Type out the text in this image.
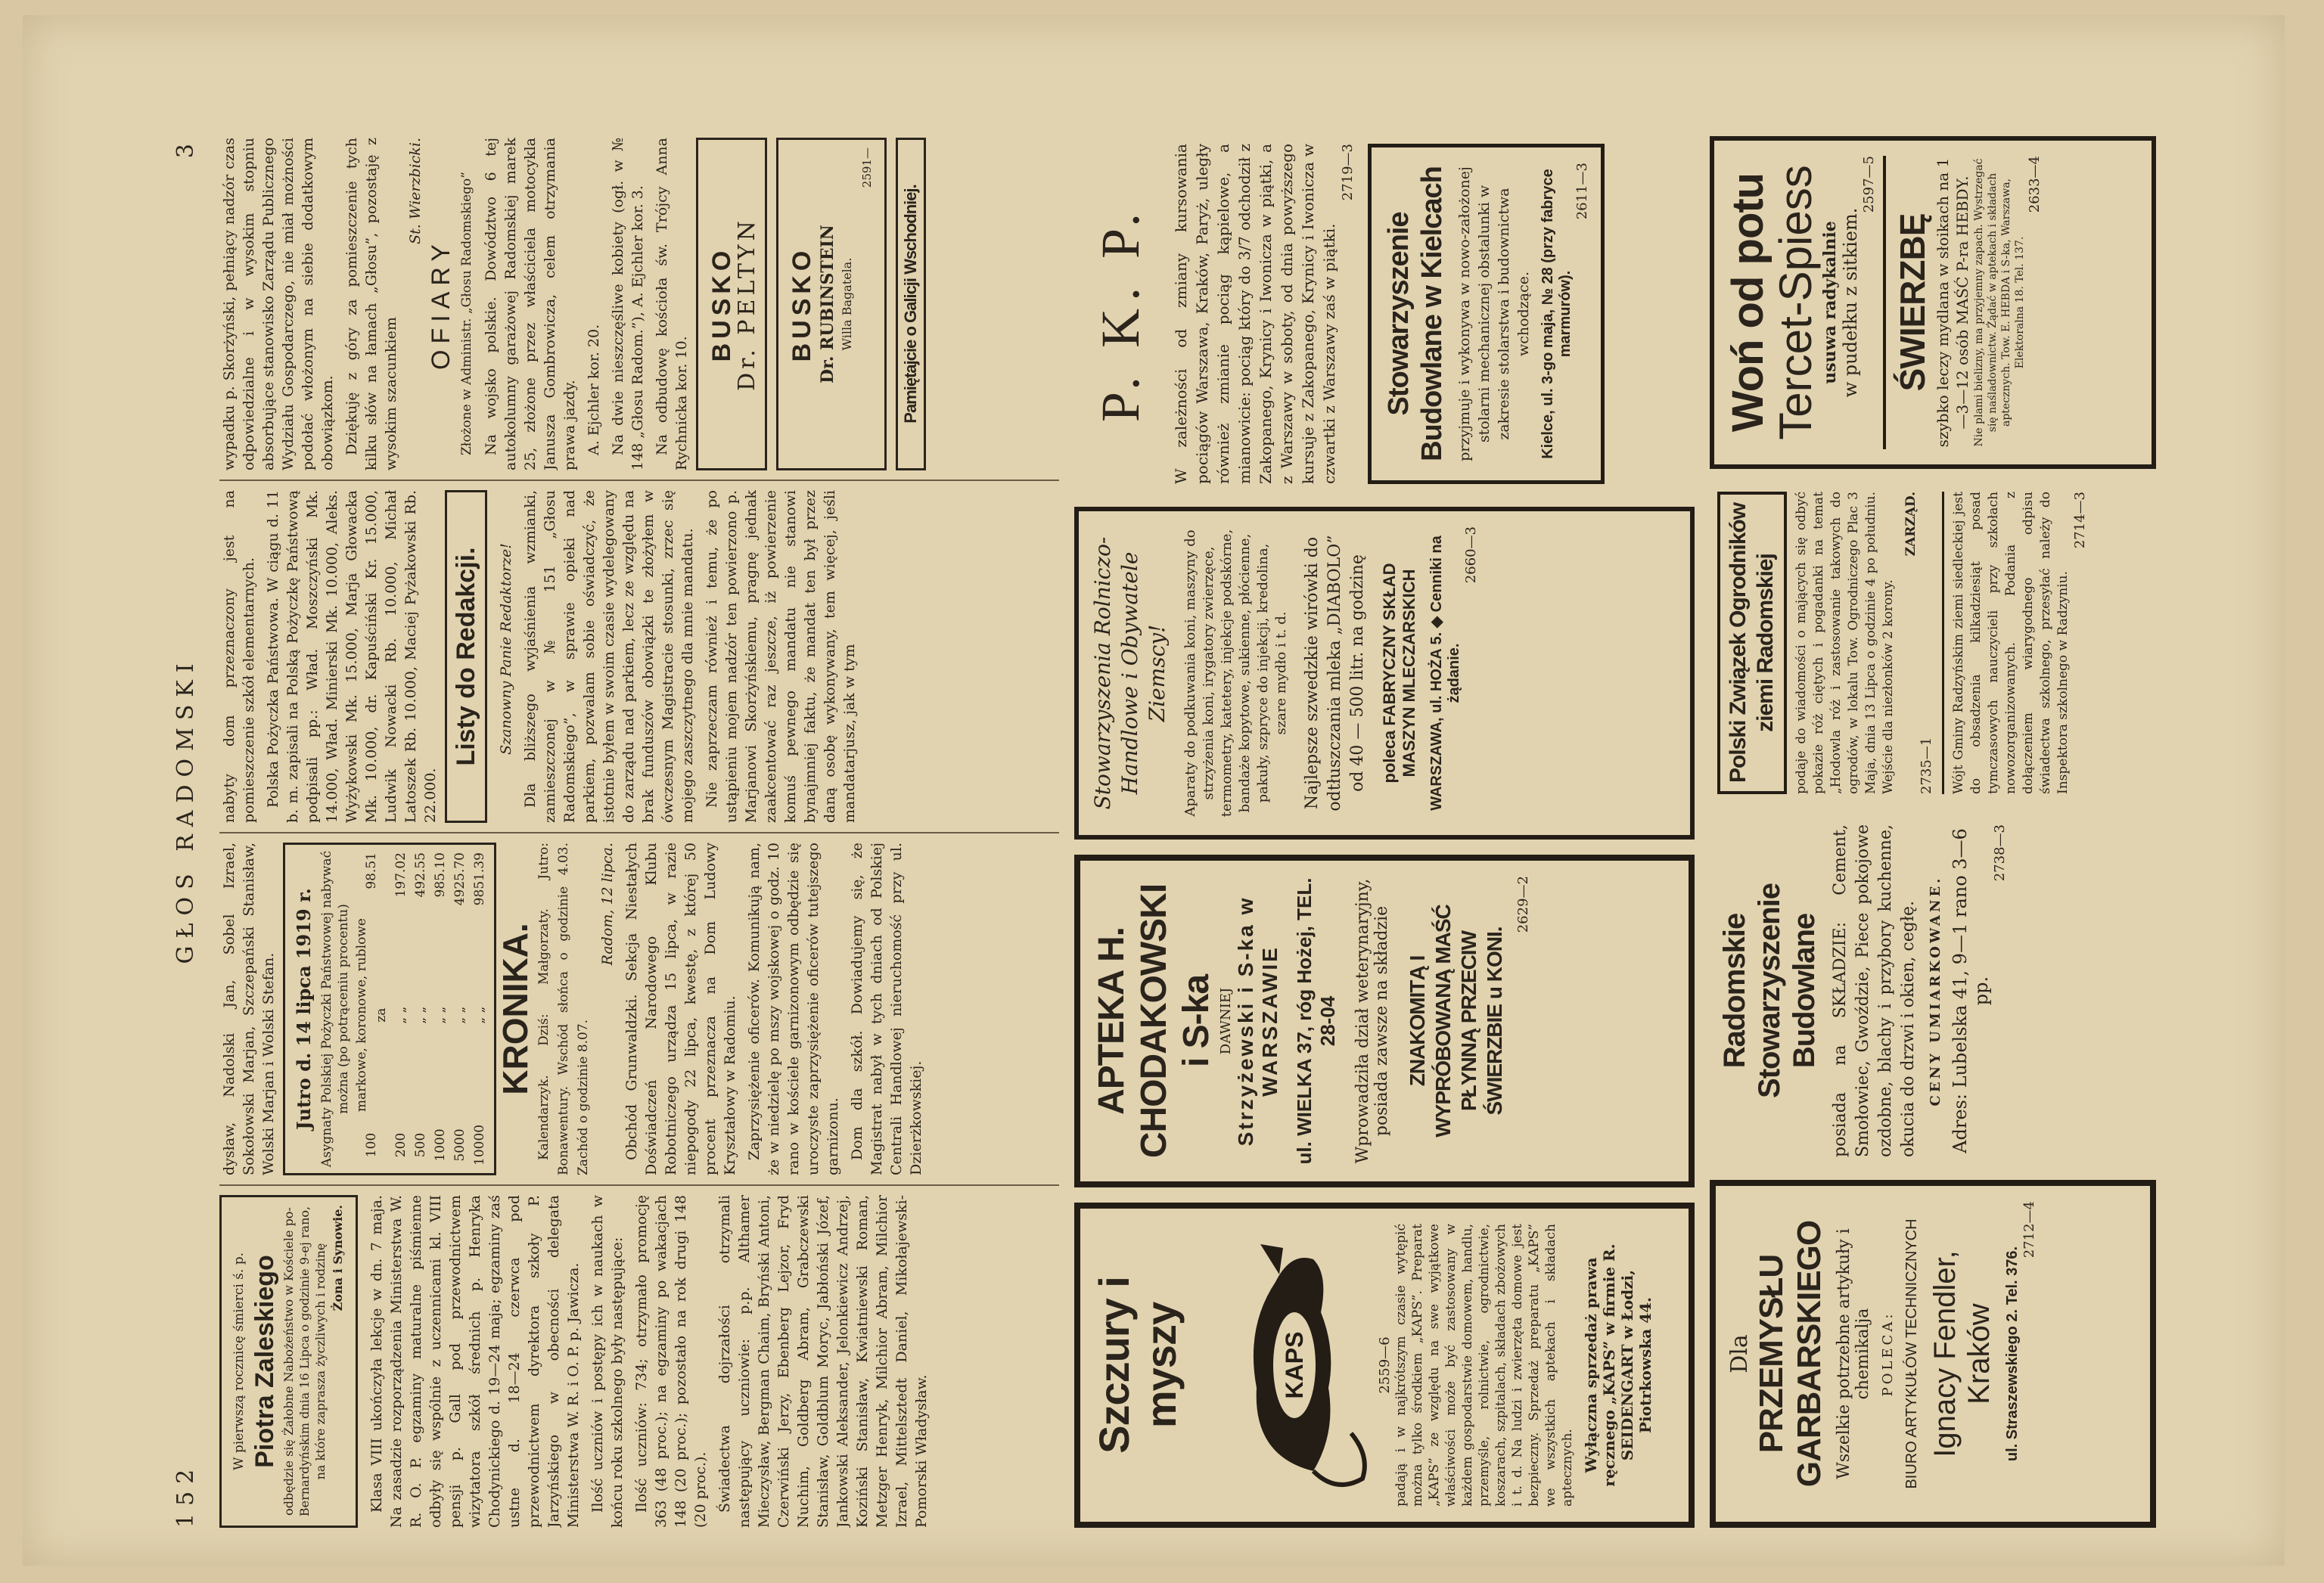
152
GŁOS RADOMSKI
3
W pierwszą rocznicę śmierci ś. p. Piotra Zaleskiego odbędzie się Żałobne Nabożeństwo w Kościele po-Bernardyńskim dnia 16 Lipca o godzinie 9-ej rano, na które zaprasza życzliwych i rodzinę Żona i Synowie. Klasa VIII ukończyła lekcje w dn. 7 maja. Na zasadzie rozporządzenia Ministerstwa W. R. O. P. egzaminy maturalne piśmienne odbyły się wspólnie z uczennicami kl. VIII pensji p. Gall pod przewodnictwem wizytatora szkół średnich p. Henryka Chodynickiego d. 19—24 maja; egzaminy zaś ustne d. 18—24 czerwca pod przewodnictwem dyrektora szkoły P. Jarzyńskiego w obecności delegata Ministerstwa W. R. i O. P. p. Jawicza. Ilość uczniów i postępy ich w naukach w końcu roku szkolnego były następujące: Ilość uczniów: 734; otrzymało promocję 363 (48 proc.); na egzaminy po wakacjach 148 (20 proc.); pozostało na rok drugi 148 (20 proc.). Świadectwa dojrzałości otrzymali następujący uczniowie: p.p. Althamer Mieczysław, Bergman Chaim, Bryński Antoni, Czerwiński Jerzy, Ebenberg Lejzor, Fryd Nuchim, Goldberg Abram, Grabczewski Stanisław, Goldblum Moryc, Jabłoński Józef, Jankowski Aleksander, Jelonkiewicz Andrzej, Koziński Stanisław, Kwiatniewski Roman, Metzger Henryk, Milchior Abram, Milchior Izrael, Mittelsztedt Daniel, Mikołajewski-Pomorski Władysław.

dysław, Nadolski Jan, Sobel Izrael, Sokołowski Marjan, Szczepański Stanisław, Wolski Marjan i Wolski Stefan. Jutro d. 14 lipca 1919 r. Asygnaty Polskiej Pożyczki Państwowej nabywać można (po potrąceniu procentu)
100	markowe, koronowe, rublowe za	98.51
200	„ „	197.02
500	„ „	492.55
1000	„ „	985.10
5000	„ „	4925.70
10000	„ „	9851.39
KRONIKA. Kalendarzyk. Dziś: Małgorzaty. Jutro: Bonawentury. Wschód słońca o godzinie 4.03. Zachód o godzinie 8.07.

Radom, 12 lipca. Obchód Grunwaldzki. Sekcja Niestałych Doświadczeń Narodowego Klubu Robotniczego urządza 15 lipca, w razie niepogody 22 lipca, kwestę, z której 50 procent przeznacza na Dom Ludowy Kryształowy w Radomiu. Zaprzysiężenie oficerów. Komunikują nam, że w niedzielę po mszy wojskowej o godz. 10 rano w kościele garnizonowym odbędzie się uroczyste zaprzysiężenie oficerów tutejszego garnizonu. Dom dla szkół. Dowiadujemy się, że Magistrat nabył w tych dniach od Polskiej Centrali Handlowej nieruchomość przy ul. Dzierżkowskiej.

nabyty dom przeznaczony jest na pomieszczenie szkół elementarnych. Polska Pożyczka Państwowa. W ciągu d. 11 b. m. zapisali na Polską Pożyczkę Państwową podpisali pp.: Wład. Moszczyński Mk. 14.000, Wład. Minierski Mk. 10.000, Aleks. Wyżykowski Mk. 15.000, Marja Głowacka Mk. 10.000, dr. Kapuściński Kr. 15.000, Ludwik Nowacki Rb. 10.000, Michał Latoszek Rb. 10.000, Maciej Pyżakowski Rb. 22.000.

Listy do Redakcji. Szanowny Panie Redaktorze! Dla bliższego wyjaśnienia wzmianki, zamieszczonej w № 151 „Głosu Radomskiego”, w sprawie opieki nad parkiem, pozwalam sobie oświadczyć, że istotnie byłem w swoim czasie wydelegowany do zarządu nad parkiem, lecz ze względu na brak funduszów obowiązki te złożyłem w ówczesnym Magistracie stosunki, zrzec się mojego zaszczytnego dla mnie mandatu. Nie zaprzeczam również i temu, że po ustąpieniu mojem nadzór ten powierzono p. Marjanowi Skorżyńskiemu, pragnę jednak zaakcentować raz jeszcze, iż powierzenie komuś pewnego mandatu nie stanowi bynajmniej faktu, że mandat ten był przez daną osobę wykonywany, tem więcej, jeśli mandatarjusz, jak w tym

wypadku p. Skorżyński, pełniący nadzór czas odpowiedzialne i w wysokim stopniu absorbujące stanowisko Zarządu Publicznego Wydziału Gospodarczego, nie miał możności podołać włożonym na siebie dodatkowym obowiązkom. Dziękuję z góry za pomieszczenie tych kilku słów na łamach „Głosu”, pozostaję z wysokim szacunkiem

St. Wierzbicki.

OFIARY Złożone w Administr. „Głosu Radomskiego” Na wojsko polskie. Dowództwo 6 tej autokolumny garażowej Radomskiej marek 25, złożone przez właściciela motocykla Janusza Gombrowicza, celem otrzymania prawa jazdy. A. Ejchler kor. 20. Na dwie nieszczęśliwe kobiety (ogł. w № 148 „Głosu Radom.”), A. Ejchler kor. 3. Na odbudowę kościoła św. Trójcy Anna Rychnicka kor. 10.

BUSKO
Dr. PELTYN BUSKO Dr. RUBINSTEIN Willa Bagatela.
2591—
Pamiętajcie o Galicji Wschodniej.
Szczury i myszy	KAPS	2559—6 padają i w najkrótszym czasie wytępić można tylko środkiem „KAPS”. Preparat „KAPS” ze względu na swe wyjątkowe właściwości może być zastosowany w każdem gospodarstwie domowem, handlu, przemyśle, rolnictwie, ogrodnictwie, koszarach, szpitalach, składach zbożowych i t. d. Na ludzi i zwierzęta domowe jest bezpieczny. Sprzedaż preparatu „KAPS” we wszystkich aptekach i składach aptecznych. Wyłączna sprzedaż prawa ręcznego „KAPS” w firmie R. SEIDENGART w Łodzi, Piotrkowska 44.
APTEKA H. CHODAKOWSKI i S-ka DAWNIEJ Strzyżewski i S-ka w WARSZAWIE ul. WIELKA 37, róg Hożej, TEL. 28-04 Wprowadziła dział weterynaryjny, posiada zawsze na składzie ZNAKOMITĄ I WYPRÓBOWANĄ MAŚĆ PŁYNNĄ PRZECIW ŚWIERZBIE u KONI.
2629—2
Stowarzyszenia Rolniczo-Handlowe i Obywatele Ziemscy! Aparaty do podkuwania koni, maszyny do strzyżenia koni, irygatory zwierzęce, termometry, katetery, injekcje podskórne, bandaże kopytowe, sukienne, płócienne, pakuły, szpryce do injekcji, kredolina, szare mydło i t. d. Najlepsze szwedzkie wirówki do odtłuszczania mleka „DIABOLO” od 40 — 500 litr. na godzinę poleca FABRYCZNY SKŁAD MASZYN MLECZARSKICH WARSZAWA, ul. HOŻA 5. ◆ Cenniki na żądanie.
2660—3
P. K. P. W zależności od zmiany kursowania pociągów Warszawa, Kraków, Paryż, uległy również zmianie pociąg kąpielowe, a mianowicie: pociąg który do 3/7 odchodził z Zakopanego, Krynicy i Iwonicza w piątki, a z Warszawy w soboty, od dnia powyższego kursuje z Zakopanego, Krynicy i Iwonicza w czwartki z Warszawy zaś w piątki.
2719—3
Stowarzyszenie Budowlane w Kielcach przyjmuje i wykonywa w nowo-założonej stolarni mechanicznej obstalunki w zakresie stolarstwa i budownictwa wchodzące. Kielce, ul. 3-go maja, № 28 (przy fabryce marmurów).
2611—3
Dla PRZEMYSŁU GARBARSKIEGO Wszelkie potrzebne artykuły i chemikalja POLECA: BIURO ARTYKUŁÓW TECHNICZNYCH Ignacy Fendler, Kraków ul. Straszewskiego 2. Tel. 376.
2712—4
Radomskie Stowarzyszenie Budowlane posiada na SKŁADZIE: Cement, Smołowiec, Gwoździe, Piece pokojowe ozdobne, blachy i przybory kuchenne, okucia do drzwi i okien, cegłę. CENY UMIARKOWANE. Adres: Lubelska 41, 9—1 rano 3—6 pp.
2738—3
Polski Związek Ogrodników ziemi Radomskiej	podaje do wiadomości o mających się odbyć pokazie róż ciętych i pogadanki na temat „Hodowla róż i zastosowanie takowych do ogrodów, w lokalu Tow. Ogrodniczego Plac 3 Maja, dnia 13 Lipca o godzinie 4 po południu. Wejście dla niezłonków 2 korony.
ZARZĄD.
2735—1	Wójt Gminy Radzyńskim ziemi siedleckiej jest do obsadzenia kilkadziesiąt posad tymczasowych nauczycieli przy szkołach nowozorganizowanych. Podania z dołączeniem wiarygodnego odpisu świadectwa szkolnego, przesyłać należy do Inspektora szkolnego w Radzyniu.
2714—3
Woń od potu
Tercet-Spiess usuwa radykalnie w pudełku z sitkiem.
2597—5
ŚWIERZBĘ szybko leczy mydlana w słoikach na 1—3—12 osób MAŚĆ P-ra HEBDY. Nie plami bielizny, ma przyjemny zapach. Wystrzegać się naśladownictw. Żądać w aptekach i składach aptecznych. Tow. E. HEBDA i S-ka, Warszawa, Elektoralna 18. Tel. 137.
2633—4
